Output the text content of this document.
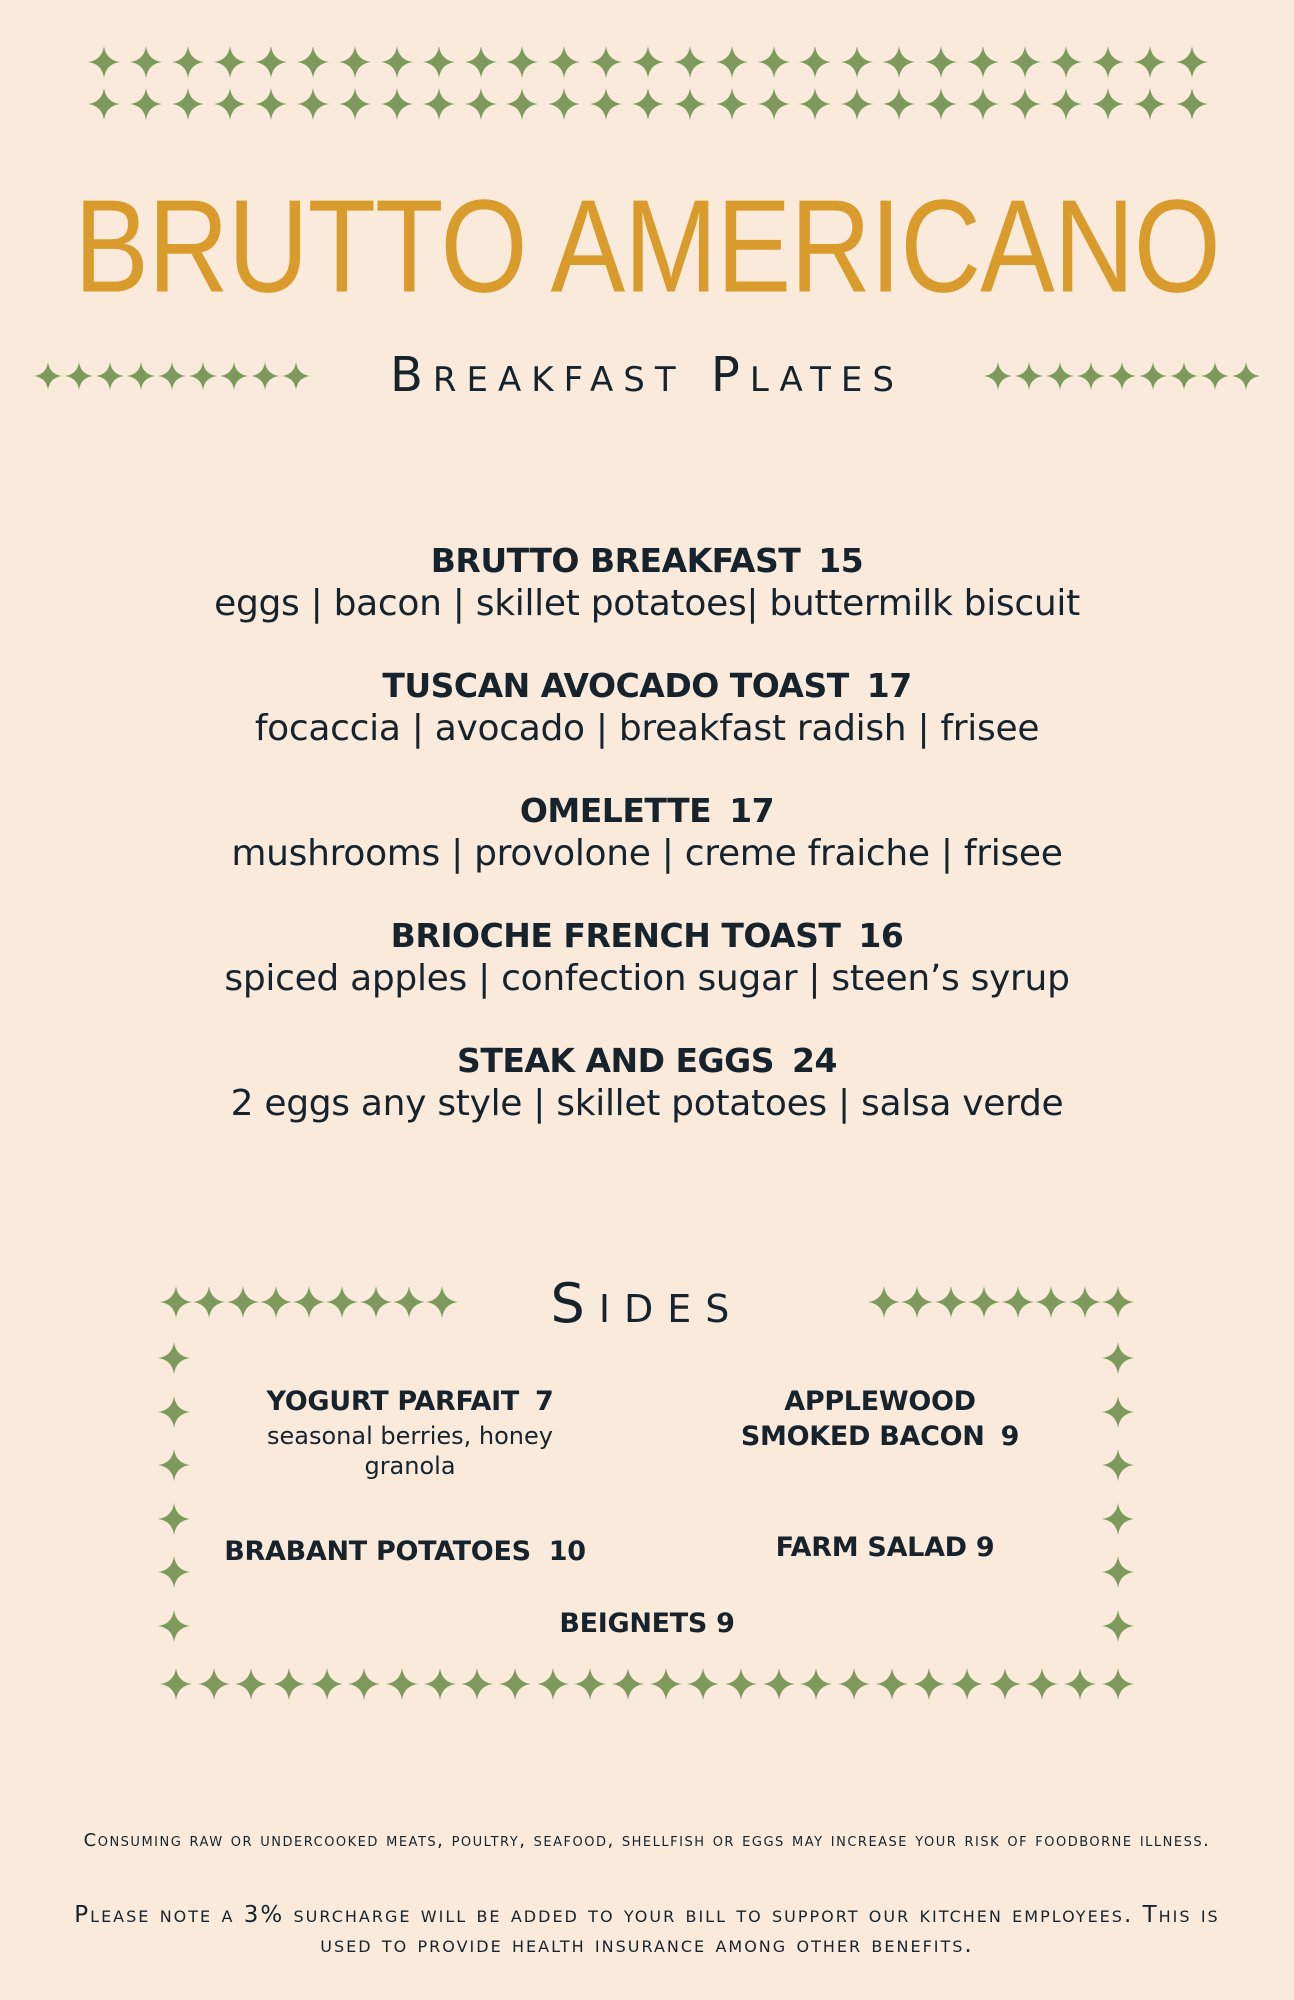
BRUTTO AMERICANO
Breakfast Plates
BRUTTO BREAKFAST 15
eggs | bacon | skillet potatoes| buttermilk biscuit
TUSCAN AVOCADO TOAST 17
focaccia | avocado | breakfast radish | frisee
OMELETTE 17
mushrooms | provolone | creme fraiche | frisee
BRIOCHE FRENCH TOAST 16
spiced apples | confection sugar | steen’s syrup
STEAK AND EGGS 24
2 eggs any style | skillet potatoes | salsa verde
Sides
YOGURT PARFAIT 7
seasonal berries, honey granola
APPLEWOOD SMOKED BACON 9
BRABANT POTATOES 10	FARM SALAD 9
BEIGNETS 9
Consuming raw or undercooked meats, poultry, seafood, shellfish or eggs may increase your risk of foodborne illness.
Please note a 3% surcharge will be added to your bill to support our kitchen employees. This is used to provide health insurance among other benefits.
